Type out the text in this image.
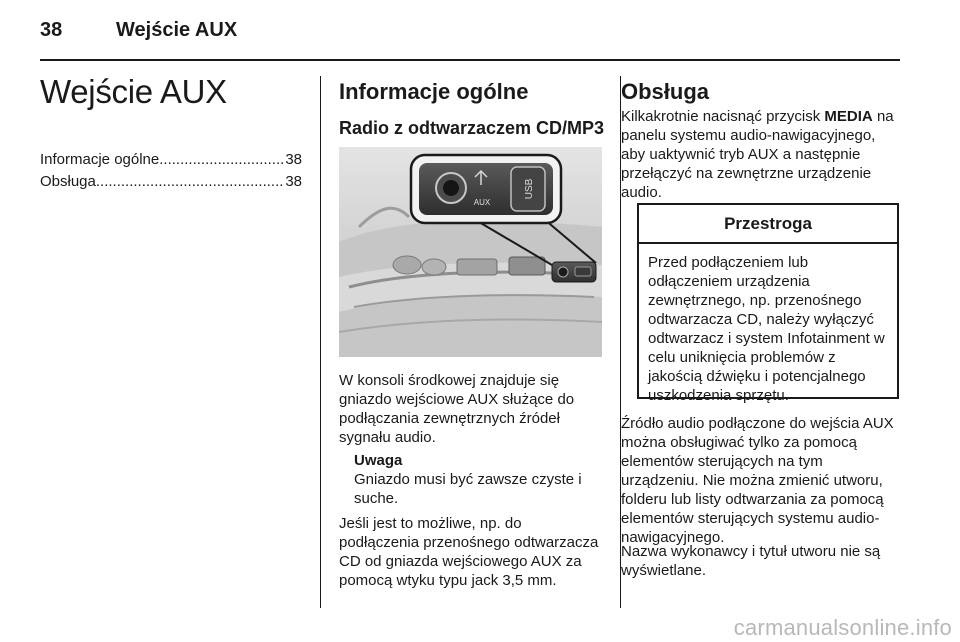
38	Wejście AUX
Wejście AUX
Informacje ogólne .....	38
Obsługa .....	38
Informacje ogólne
Radio z odtwarzaczem CD/MP3
USB
AUX

W konsoli środkowej znajduje się gniazdo wejściowe AUX służące do podłączania zewnętrznych źródeł sygnału audio.

Uwaga
Gniazdo musi być zawsze czyste i suche.

Jeśli jest to możliwe, np. do podłączenia przenośnego odtwarzacza CD od gniazda wejściowego AUX za pomocą wtyku typu jack 3,5 mm.

Obsługa

Kilkakrotnie nacisnąć przycisk MEDIA na panelu systemu audio-nawigacyjnego, aby uaktywnić tryb AUX a następnie przełączyć na zewnętrzne urządzenie audio.

Przestroga
Przed podłączeniem lub odłączeniem urządzenia zewnętrznego, np. przenośnego odtwarzacza CD, należy wyłączyć odtwarzacz i system Infotainment w celu uniknięcia problemów z jakością dźwięku i potencjalnego uszkodzenia sprzętu.

Źródło audio podłączone do wejścia AUX można obsługiwać tylko za pomocą elementów sterujących na tym urządzeniu. Nie można zmienić utworu, folderu lub listy odtwarzania za pomocą elementów sterujących systemu audio-nawigacyjnego.

Nazwa wykonawcy i tytuł utworu nie są wyświetlane.

carmanualsonline.info
